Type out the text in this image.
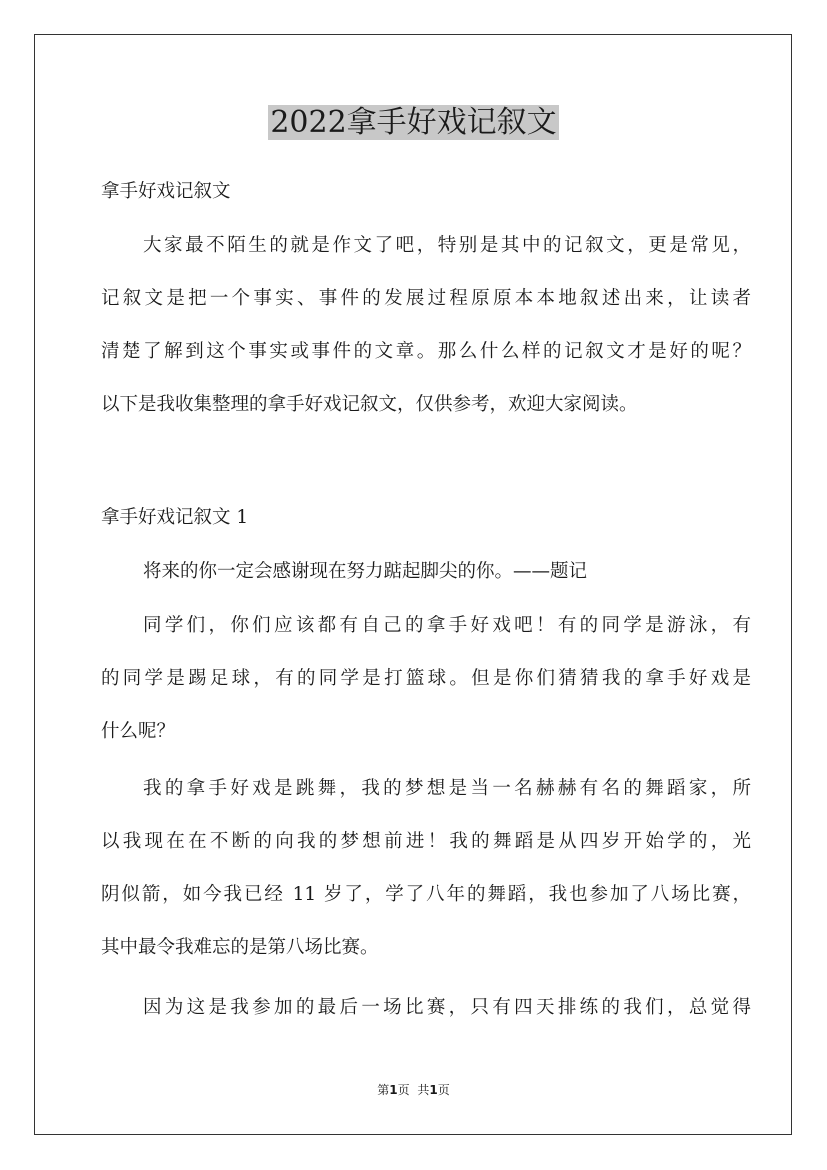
2022拿手好戏记叙文
拿手好戏记叙文
大家最不陌生的就是作文了吧，特别是其中的记叙文，更是常见，
记叙文是把一个事实、事件的发展过程原原本本地叙述出来，让读者
清楚了解到这个事实或事件的文章。那么什么样的记叙文才是好的呢？
以下是我收集整理的拿手好戏记叙文，仅供参考，欢迎大家阅读。
拿手好戏记叙文 1
将来的你一定会感谢现在努力踮起脚尖的你。——题记
同学们，你们应该都有自己的拿手好戏吧！有的同学是游泳，有
的同学是踢足球，有的同学是打篮球。但是你们猜猜我的拿手好戏是
什么呢？
我的拿手好戏是跳舞，我的梦想是当一名赫赫有名的舞蹈家，所
以我现在在不断的向我的梦想前进！我的舞蹈是从四岁开始学的，光
阴似箭，如今我已经 11 岁了，学了八年的舞蹈，我也参加了八场比赛，
其中最令我难忘的是第八场比赛。
因为这是我参加的最后一场比赛，只有四天排练的我们，总觉得
第1页 共1页
